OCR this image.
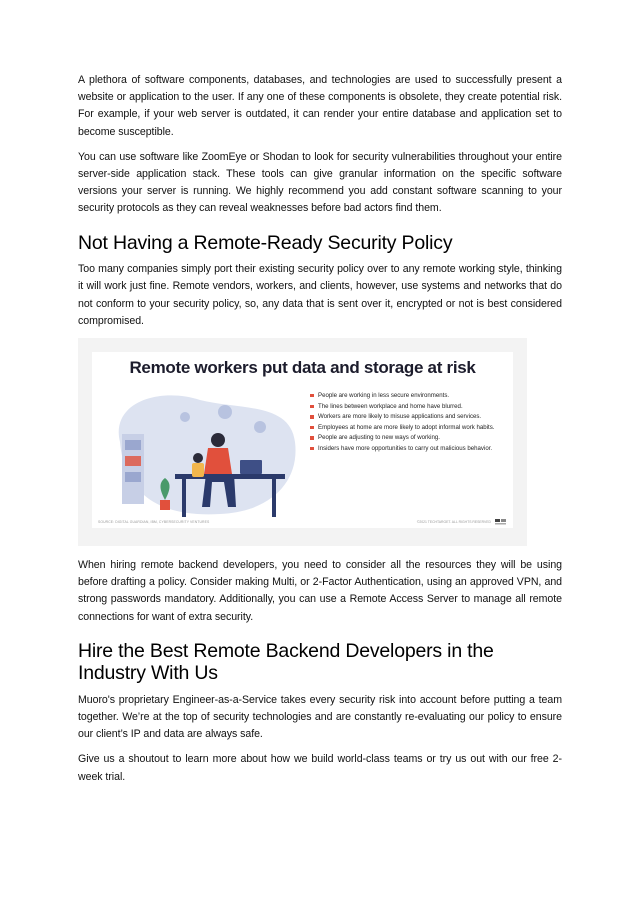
A plethora of software components, databases, and technologies are used to successfully present a website or application to the user. If any one of these components is obsolete, they create potential risk. For example, if your web server is outdated, it can render your entire database and application set to become susceptible.

You can use software like ZoomEye or Shodan to look for security vulnerabilities throughout your entire server-side application stack. These tools can give granular information on the specific software versions your server is running. We highly recommend you add constant software scanning to your security protocols as they can reveal weaknesses before bad actors find them.

Not Having a Remote-Ready Security Policy

Too many companies simply port their existing security policy over to any remote working style, thinking it will work just fine. Remote vendors, workers, and clients, however, use systems and networks that do not conform to your security policy, so, any data that is sent over it, encrypted or not is best considered compromised.

Remote workers put data and storage at risk
People are working in less secure environments.
The lines between workplace and home have blurred.
Workers are more likely to misuse applications and services.
Employees at home are more likely to adopt informal work habits.
People are adjusting to new ways of working.
Insiders have more opportunities to carry out malicious behavior.
SOURCE: DIGITAL GUARDIAN, IBM, CYBERSECURITY VENTURES	©2021 TECHTARGET. ALL RIGHTS RESERVED

When hiring remote backend developers, you need to consider all the resources they will be using before drafting a policy. Consider making Multi, or 2-Factor Authentication, using an approved VPN, and strong passwords mandatory. Additionally, you can use a Remote Access Server to manage all remote connections for want of extra security.

Hire the Best Remote Backend Developers in the Industry With Us

Muoro's proprietary Engineer-as-a-Service takes every security risk into account before putting a team together. We’re at the top of security technologies and are constantly re-evaluating our policy to ensure our client’s IP and data are always safe.

Give us a shoutout to learn more about how we build world-class teams or try us out with our free 2-week trial.
